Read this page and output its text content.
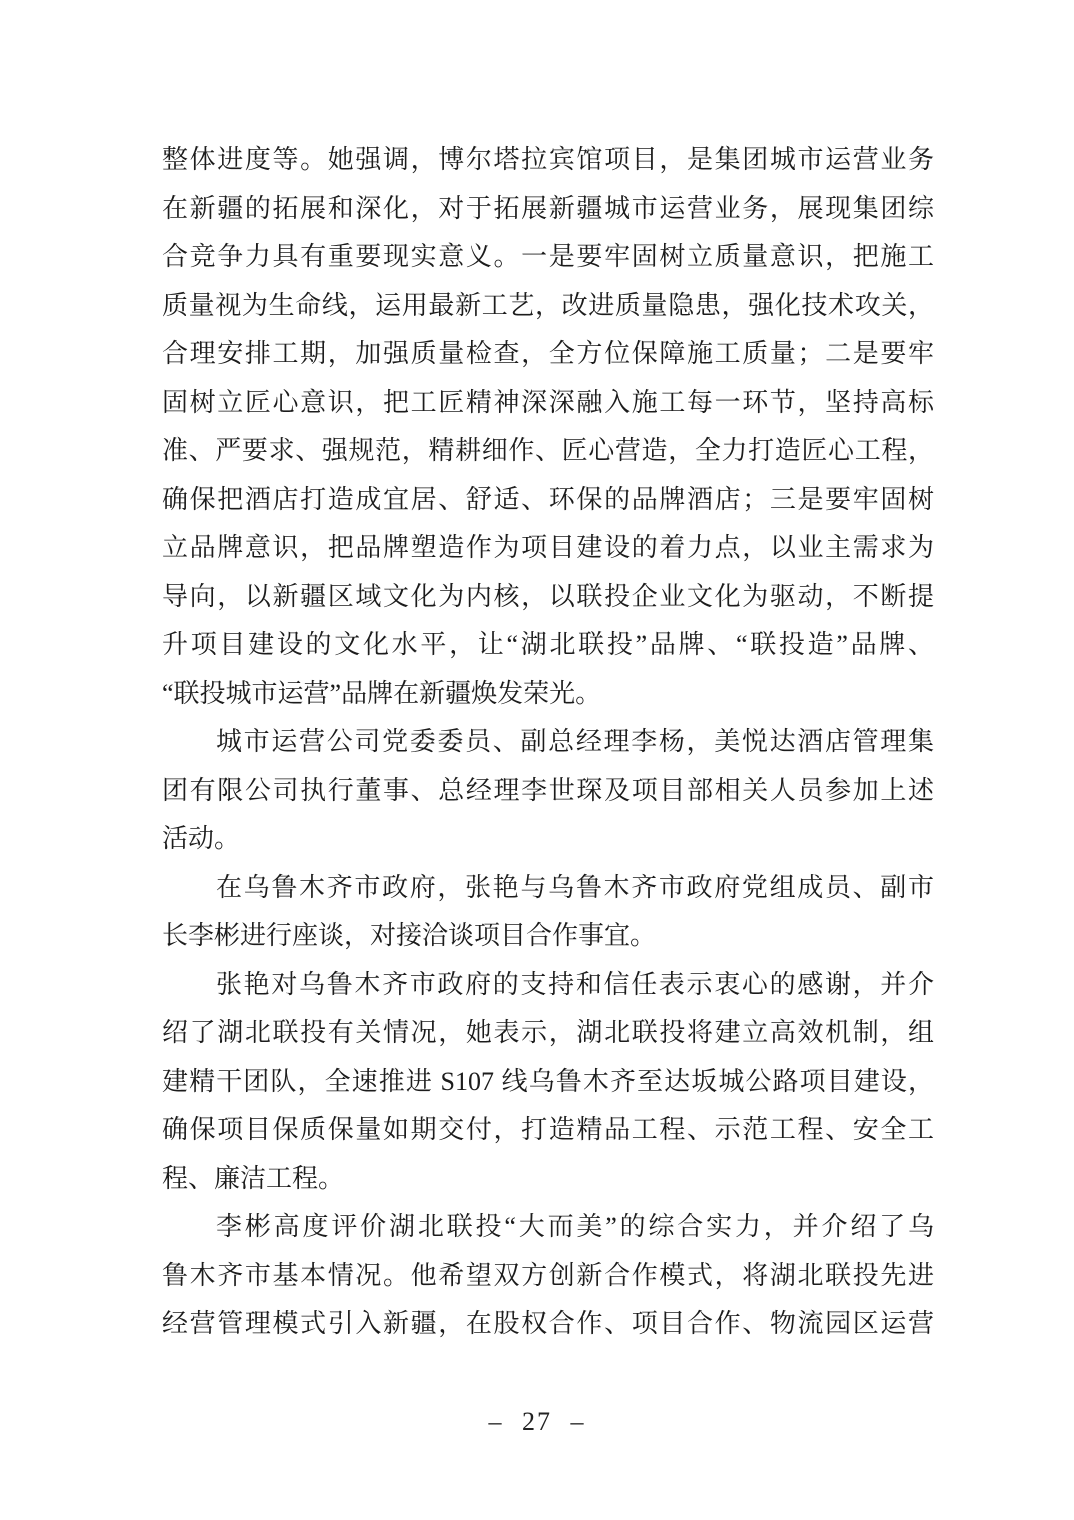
整体进度等。她强调，博尔塔拉宾馆项目，是集团城市运营业务
在新疆的拓展和深化，对于拓展新疆城市运营业务，展现集团综
合竞争力具有重要现实意义。一是要牢固树立质量意识，把施工
质量视为生命线，运用最新工艺，改进质量隐患，强化技术攻关，
合理安排工期，加强质量检查，全方位保障施工质量；二是要牢
固树立匠心意识，把工匠精神深深融入施工每一环节，坚持高标
准、严要求、强规范，精耕细作、匠心营造，全力打造匠心工程，
确保把酒店打造成宜居、舒适、环保的品牌酒店；三是要牢固树
立品牌意识，把品牌塑造作为项目建设的着力点，以业主需求为
导向，以新疆区域文化为内核，以联投企业文化为驱动，不断提
升项目建设的文化水平，让“湖北联投”品牌、“联投造”品牌、
“联投城市运营”品牌在新疆焕发荣光。
城市运营公司党委委员、副总经理李杨，美悦达酒店管理集
团有限公司执行董事、总经理李世琛及项目部相关人员参加上述
活动。
在乌鲁木齐市政府，张艳与乌鲁木齐市政府党组成员、副市
长李彬进行座谈，对接洽谈项目合作事宜。
张艳对乌鲁木齐市政府的支持和信任表示衷心的感谢，并介
绍了湖北联投有关情况，她表示，湖北联投将建立高效机制，组
建精干团队，全速推进 S107 线乌鲁木齐至达坂城公路项目建设，
确保项目保质保量如期交付，打造精品工程、示范工程、安全工
程、廉洁工程。
李彬高度评价湖北联投“大而美”的综合实力，并介绍了乌
鲁木齐市基本情况。他希望双方创新合作模式，将湖北联投先进
经营管理模式引入新疆，在股权合作、项目合作、物流园区运营
– 27 –
